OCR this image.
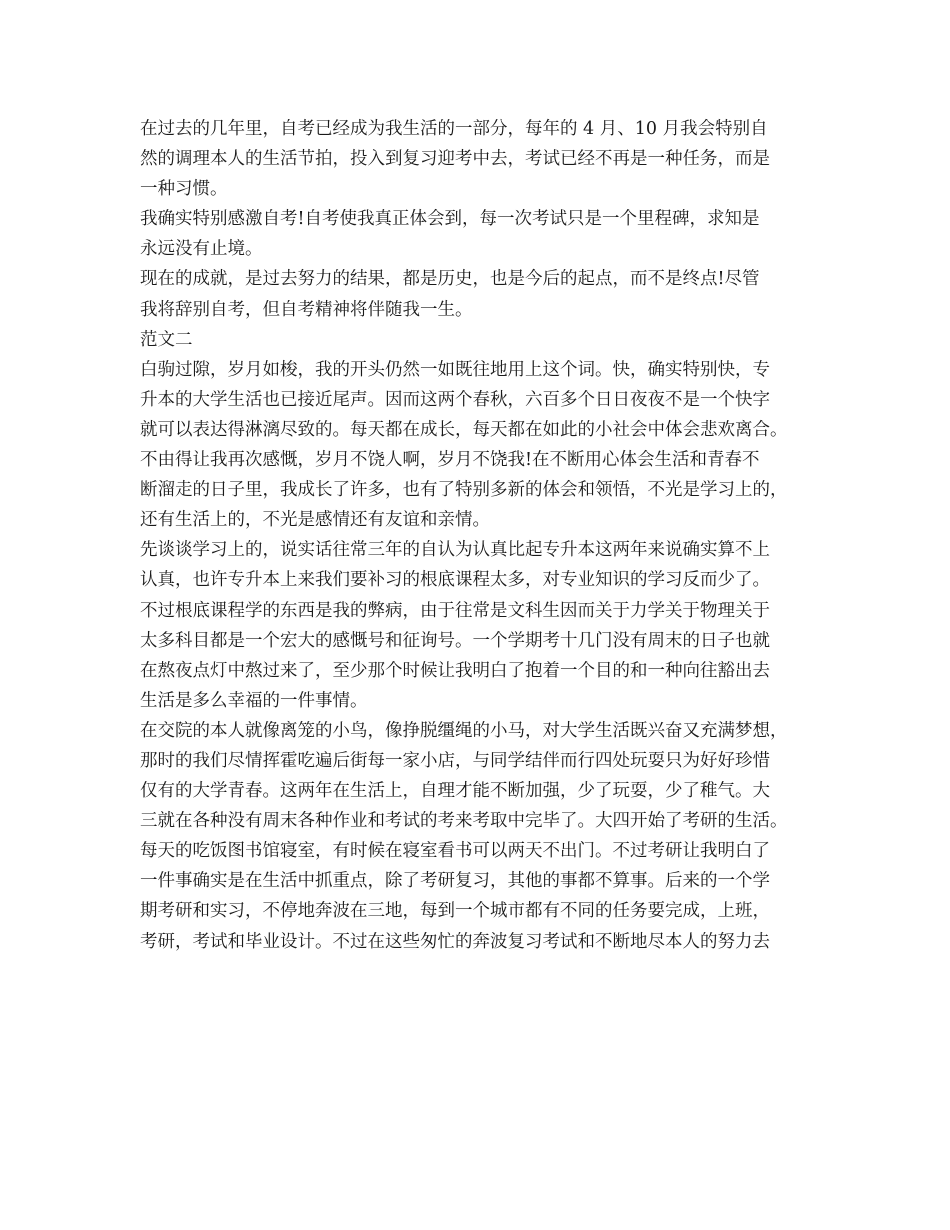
在过去的几年里，自考已经成为我生活的一部分，每年的 4 月、10 月我会特别自
然的调理本人的生活节拍，投入到复习迎考中去，考试已经不再是一种任务，而是
一种习惯。
我确实特别感激自考!自考使我真正体会到，每一次考试只是一个里程碑，求知是
永远没有止境。
现在的成就，是过去努力的结果，都是历史，也是今后的起点，而不是终点!尽管
我将辞别自考，但自考精神将伴随我一生。
范文二
白驹过隙，岁月如梭，我的开头仍然一如既往地用上这个词。快，确实特别快，专
升本的大学生活也已接近尾声。因而这两个春秋，六百多个日日夜夜不是一个快字
就可以表达得淋漓尽致的。每天都在成长，每天都在如此的小社会中体会悲欢离合。
不由得让我再次感慨，岁月不饶人啊，岁月不饶我!在不断用心体会生活和青春不
断溜走的日子里，我成长了许多，也有了特别多新的体会和领悟，不光是学习上的，
还有生活上的，不光是感情还有友谊和亲情。
先谈谈学习上的，说实话往常三年的自认为认真比起专升本这两年来说确实算不上
认真，也许专升本上来我们要补习的根底课程太多，对专业知识的学习反而少了。
不过根底课程学的东西是我的弊病，由于往常是文科生因而关于力学关于物理关于
太多科目都是一个宏大的感慨号和征询号。一个学期考十几门没有周末的日子也就
在熬夜点灯中熬过来了，至少那个时候让我明白了抱着一个目的和一种向往豁出去
生活是多么幸福的一件事情。
在交院的本人就像离笼的小鸟，像挣脱缰绳的小马，对大学生活既兴奋又充满梦想，
那时的我们尽情挥霍吃遍后街每一家小店，与同学结伴而行四处玩耍只为好好珍惜
仅有的大学青春。这两年在生活上，自理才能不断加强，少了玩耍，少了稚气。大
三就在各种没有周末各种作业和考试的考来考取中完毕了。大四开始了考研的生活。
每天的吃饭图书馆寝室，有时候在寝室看书可以两天不出门。不过考研让我明白了
一件事确实是在生活中抓重点，除了考研复习，其他的事都不算事。后来的一个学
期考研和实习，不停地奔波在三地，每到一个城市都有不同的任务要完成，上班，
考研，考试和毕业设计。不过在这些匆忙的奔波复习考试和不断地尽本人的努力去
